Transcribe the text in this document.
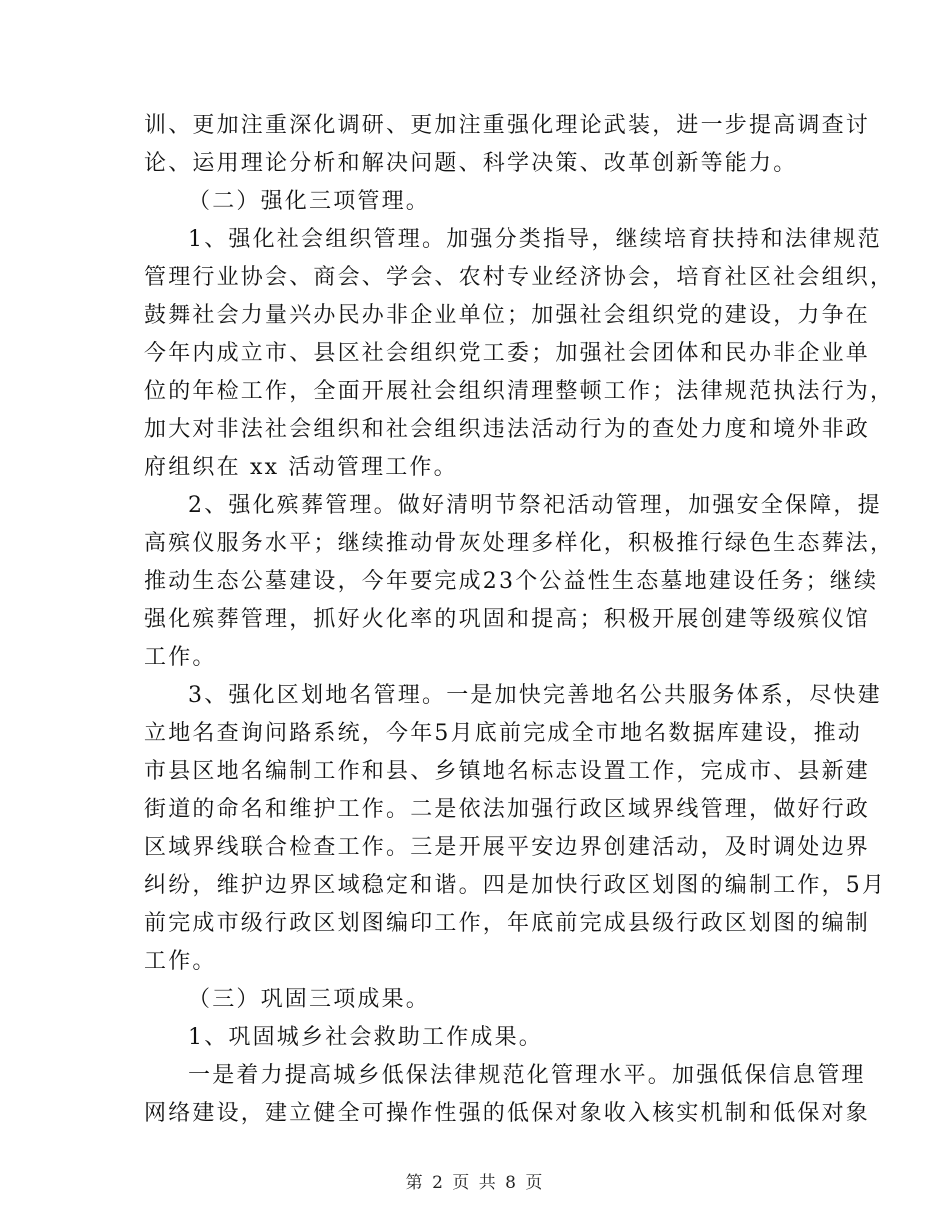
训、更加注重深化调研、更加注重强化理论武装，进一步提高调查讨
论、运用理论分析和解决问题、科学决策、改革创新等能力。
（二）强化三项管理。
1、强化社会组织管理。加强分类指导，继续培育扶持和法律规范
管理行业协会、商会、学会、农村专业经济协会，培育社区社会组织，
鼓舞社会力量兴办民办非企业单位；加强社会组织党的建设，力争在
今年内成立市、县区社会组织党工委；加强社会团体和民办非企业单
位的年检工作，全面开展社会组织清理整顿工作；法律规范执法行为，
加大对非法社会组织和社会组织违法活动行为的查处力度和境外非政
府组织在 xx 活动管理工作。
2、强化殡葬管理。做好清明节祭祀活动管理，加强安全保障，提
高殡仪服务水平；继续推动骨灰处理多样化，积极推行绿色生态葬法，
推动生态公墓建设，今年要完成23个公益性生态墓地建设任务；继续
强化殡葬管理，抓好火化率的巩固和提高；积极开展创建等级殡仪馆
工作。
3、强化区划地名管理。一是加快完善地名公共服务体系，尽快建
立地名查询问路系统，今年5月底前完成全市地名数据库建设，推动
市县区地名编制工作和县、乡镇地名标志设置工作，完成市、县新建
街道的命名和维护工作。二是依法加强行政区域界线管理，做好行政
区域界线联合检查工作。三是开展平安边界创建活动，及时调处边界
纠纷，维护边界区域稳定和谐。四是加快行政区划图的编制工作，5月
前完成市级行政区划图编印工作，年底前完成县级行政区划图的编制
工作。
（三）巩固三项成果。
1、巩固城乡社会救助工作成果。
一是着力提高城乡低保法律规范化管理水平。加强低保信息管理
网络建设，建立健全可操作性强的低保对象收入核实机制和低保对象
第 2 页 共 8 页
